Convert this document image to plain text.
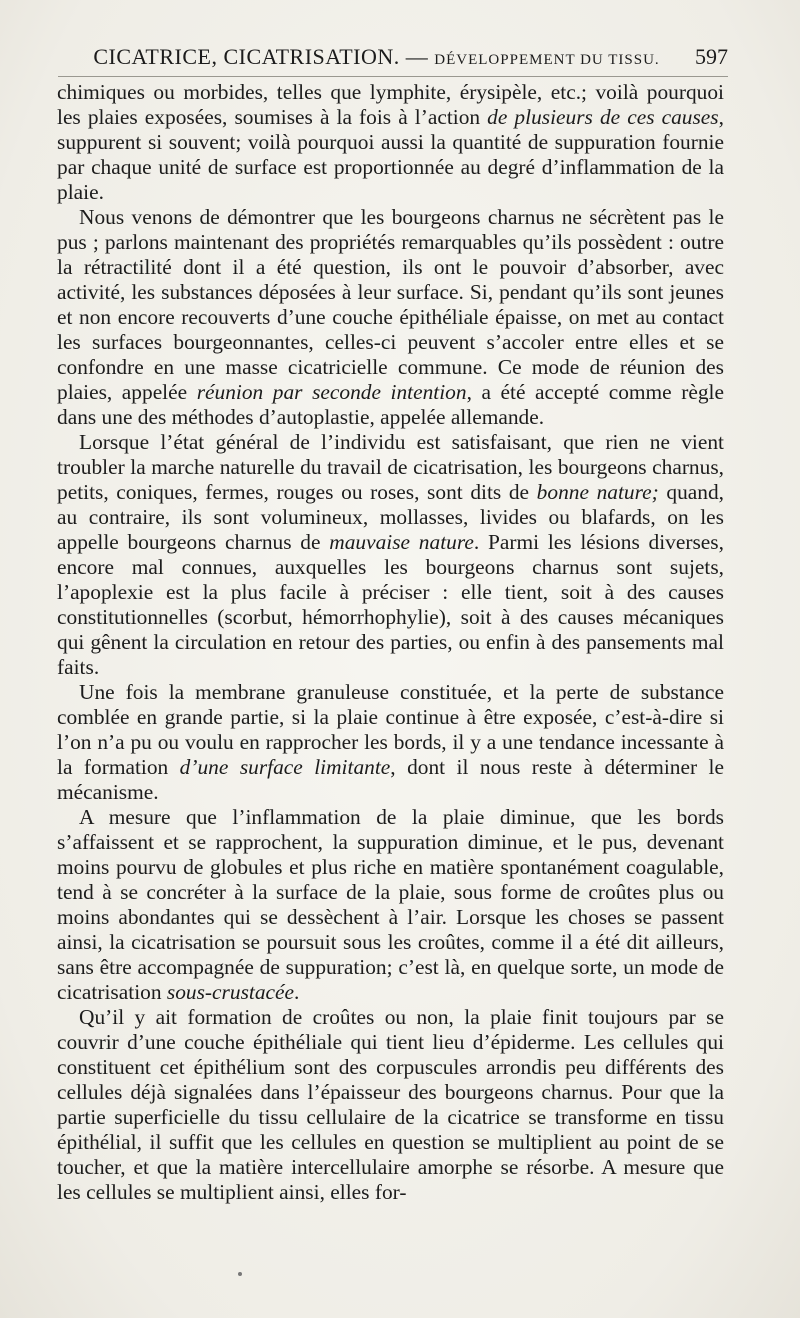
CICATRICE, CICATRISATION. — DÉVELOPPEMENT DU TISSU.	597

chimiques ou morbides, telles que lymphite, érysipèle, etc.; voilà pourquoi les plaies exposées, soumises à la fois à l’action de plusieurs de ces causes, suppurent si souvent; voilà pourquoi aussi la quantité de suppuration fournie par chaque unité de surface est proportionnée au degré d’inflammation de la plaie.

Nous venons de démontrer que les bourgeons charnus ne sécrètent pas le pus ; parlons maintenant des propriétés remarquables qu’ils possèdent : outre la rétractilité dont il a été question, ils ont le pouvoir d’absorber, avec activité, les substances déposées à leur surface. Si, pendant qu’ils sont jeunes et non encore recouverts d’une couche épithéliale épaisse, on met au contact les surfaces bourgeonnantes, celles-ci peuvent s’accoler entre elles et se confondre en une masse cicatricielle commune. Ce mode de réunion des plaies, appelée réunion par seconde intention, a été accepté comme règle dans une des méthodes d’autoplastie, appelée allemande.

Lorsque l’état général de l’individu est satisfaisant, que rien ne vient troubler la marche naturelle du travail de cicatrisation, les bourgeons charnus, petits, coniques, fermes, rouges ou roses, sont dits de bonne nature; quand, au contraire, ils sont volumineux, mollasses, livides ou blafards, on les appelle bourgeons charnus de mauvaise nature. Parmi les lésions diverses, encore mal connues, auxquelles les bourgeons charnus sont sujets, l’apoplexie est la plus facile à préciser : elle tient, soit à des causes constitutionnelles (scorbut, hémorrhophylie), soit à des causes mécaniques qui gênent la circulation en retour des parties, ou enfin à des pansements mal faits.

Une fois la membrane granuleuse constituée, et la perte de substance comblée en grande partie, si la plaie continue à être exposée, c’est-à-dire si l’on n’a pu ou voulu en rapprocher les bords, il y a une tendance incessante à la formation d’une surface limitante, dont il nous reste à déterminer le mécanisme.

A mesure que l’inflammation de la plaie diminue, que les bords s’affaissent et se rapprochent, la suppuration diminue, et le pus, devenant moins pourvu de globules et plus riche en matière spontanément coagulable, tend à se concréter à la surface de la plaie, sous forme de croûtes plus ou moins abondantes qui se dessèchent à l’air. Lorsque les choses se passent ainsi, la cicatrisation se poursuit sous les croûtes, comme il a été dit ailleurs, sans être accompagnée de suppuration; c’est là, en quelque sorte, un mode de cicatrisation sous-crustacée.

Qu’il y ait formation de croûtes ou non, la plaie finit toujours par se couvrir d’une couche épithéliale qui tient lieu d’épiderme. Les cellules qui constituent cet épithélium sont des corpuscules arrondis peu différents des cellules déjà signalées dans l’épaisseur des bourgeons charnus. Pour que la partie superficielle du tissu cellulaire de la cicatrice se transforme en tissu épithélial, il suffit que les cellules en question se multiplient au point de se toucher, et que la matière intercellulaire amorphe se résorbe. A mesure que les cellules se multiplient ainsi, elles for-
